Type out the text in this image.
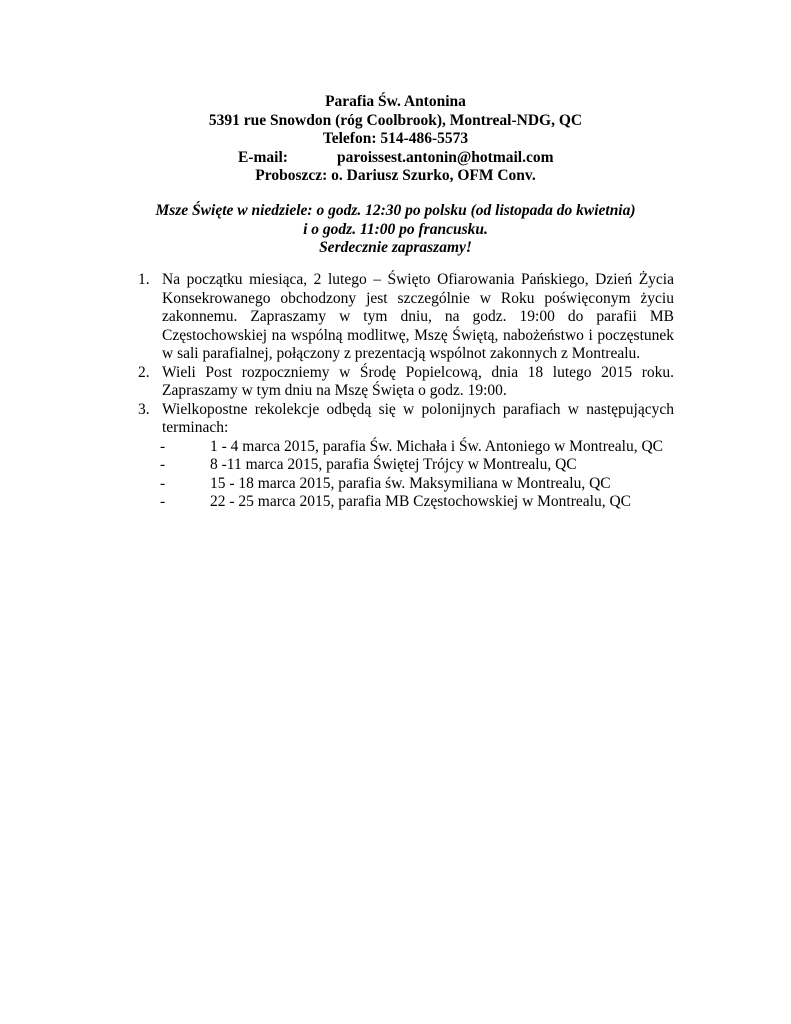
Parafia Św. Antonina
5391 rue Snowdon (róg Coolbrook), Montreal-NDG, QC
Telefon: 514-486-5573
E-mail:	paroissest.antonin@hotmail.com
Proboszcz: o. Dariusz Szurko, OFM Conv.
Msze Święte w niedziele: o godz. 12:30 po polsku (od listopada do kwietnia)
i o godz. 11:00 po francusku.
Serdecznie zapraszamy!
1. Na początku miesiąca, 2 lutego – Święto Ofiarowania Pańskiego, Dzień Życia Konsekrowanego obchodzony jest szczególnie w Roku poświęconym życiu zakonnemu. Zapraszamy w tym dniu, na godz. 19:00 do parafii MB Częstochowskiej na wspólną modlitwę, Mszę Świętą, nabożeństwo i poczęstunek w sali parafialnej, połączony z prezentacją wspólnot zakonnych z Montrealu.
2. Wieli Post rozpoczniemy w Środę Popielcową, dnia 18 lutego 2015 roku. Zapraszamy w tym dniu na Mszę Święta o godz. 19:00.
3. Wielkopostne rekolekcje odbędą się w polonijnych parafiach w następujących terminach:
-	1 - 4 marca 2015, parafia Św. Michała i Św. Antoniego w Montrealu, QC
-	8 -11 marca 2015, parafia Świętej Trójcy w Montrealu, QC
-	15 - 18 marca 2015, parafia św. Maksymiliana w Montrealu, QC
-	22 - 25 marca 2015, parafia MB Częstochowskiej w Montrealu, QC
